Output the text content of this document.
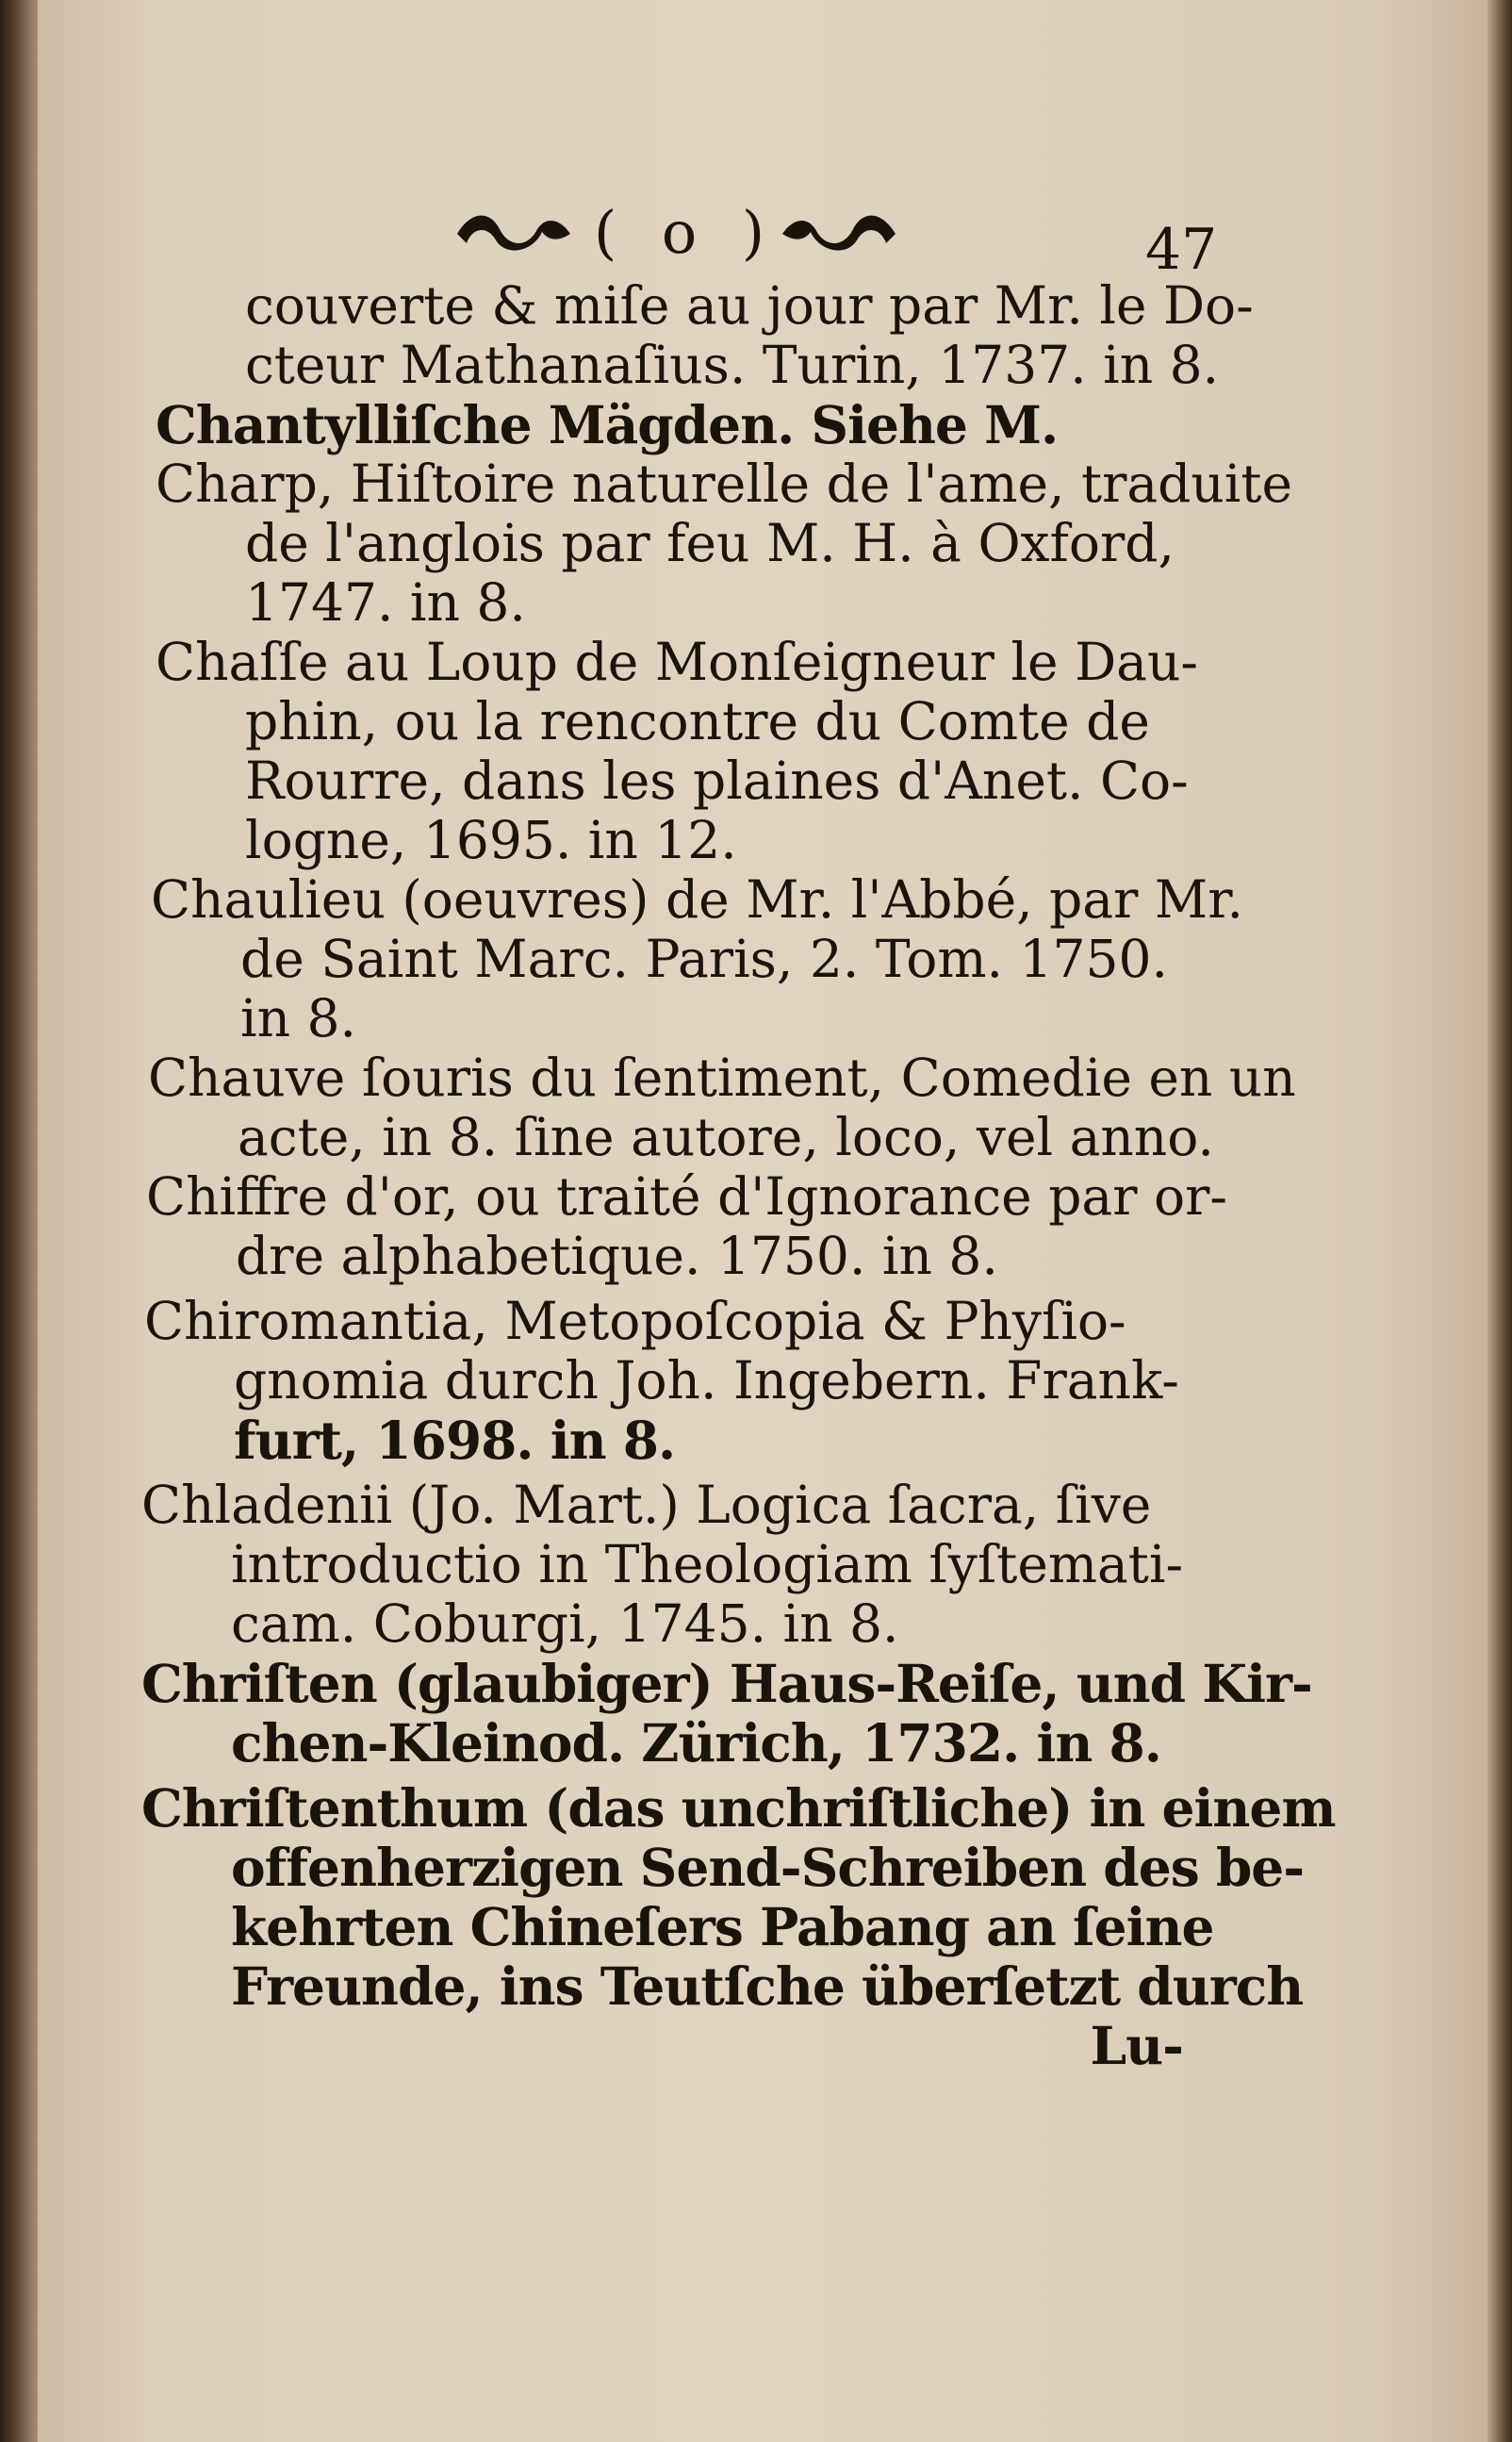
( o )	47
couverte & miſe au jour par Mr. le Do-
cteur Mathanaſius. Turin, 1737. in 8.
Chantylliſche Mägden. Siehe M.
Charp, Hiſtoire naturelle de l'ame, traduite
de l'anglois par feu M. H. à Oxford,
1747. in 8.
Chaſſe au Loup de Monſeigneur le Dau-
phin, ou la rencontre du Comte de
Rourre, dans les plaines d'Anet. Co-
logne, 1695. in 12.
Chaulieu (oeuvres) de Mr. l'Abbé, par Mr.
de Saint Marc. Paris, 2. Tom. 1750.
in 8.
Chauve ſouris du ſentiment, Comedie en un
acte, in 8. ſine autore, loco, vel anno.
Chiffre d'or, ou traité d'Ignorance par or-
dre alphabetique. 1750. in 8.
Chiromantia, Metopoſcopia & Phyſio-
gnomia durch Joh. Ingebern. Frank-
furt, 1698. in 8.
Chladenii (Jo. Mart.) Logica ſacra, ſive
introductio in Theologiam ſyſtemati-
cam. Coburgi, 1745. in 8.
Chriſten (glaubiger) Haus-Reiſe, und Kir-
chen-Kleinod. Zürich, 1732. in 8.
Chriſtenthum (das unchriſtliche) in einem
offenherzigen Send-Schreiben des be-
kehrten Chineſers Pabang an ſeine
Freunde, ins Teutſche überſetzt durch
Lu-
